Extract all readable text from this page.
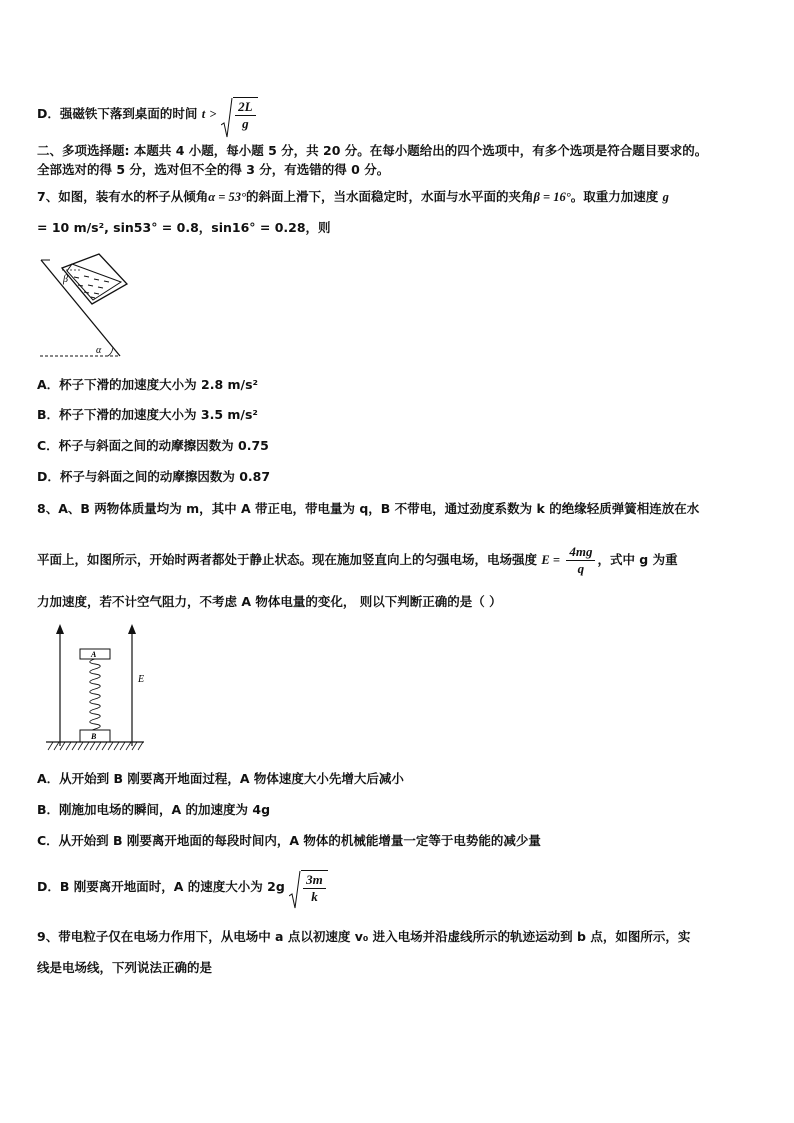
D．强磁铁下落到桌面的时间 $t > \frac{2L}{g}$
二、多项选择题: 本题共 4 小题，每小题 5 分，共 20 分。在每小题给出的四个选项中，有多个选项是符合题目要求的。
全部选对的得 5 分，选对但不全的得 3 分，有选错的得 0 分。
7、如图，装有水的杯子从倾角α = 53°的斜面上滑下，当水面稳定时，水面与水平面的夹角β = 16°。取重力加速度 g
= 10 m/s², sin53° = 0.8，sin16° = 0.28，则
β
α
A．杯子下滑的加速度大小为 2.8 m/s²
B．杯子下滑的加速度大小为 3.5 m/s²
C．杯子与斜面之间的动摩擦因数为 0.75
D．杯子与斜面之间的动摩擦因数为 0.87
8、A、B 两物体质量均为 m，其中 A 带正电，带电量为 q，B 不带电，通过劲度系数为 k 的绝缘轻质弹簧相连放在水
平面上，如图所示，开始时两者都处于静止状态。现在施加竖直向上的匀强电场，电场强度 $E = \frac{4mg}{q}$ ，式中 g 为重
力加速度，若不计空气阻力，不考虑 A 物体电量的变化， 则以下判断正确的是（ ）
E
A
B
A．从开始到 B 刚要离开地面过程，A 物体速度大小先增大后减小
B．刚施加电场的瞬间，A 的加速度为 4g
C．从开始到 B 刚要离开地面的每段时间内，A 物体的机械能增量一定等于电势能的减少量
D．B 刚要离开地面时，A 的速度大小为 $2g \frac{3m}{k}$
9、带电粒子仅在电场力作用下，从电场中 a 点以初速度 v₀ 进入电场并沿虚线所示的轨迹运动到 b 点，如图所示，实
线是电场线，下列说法正确的是
